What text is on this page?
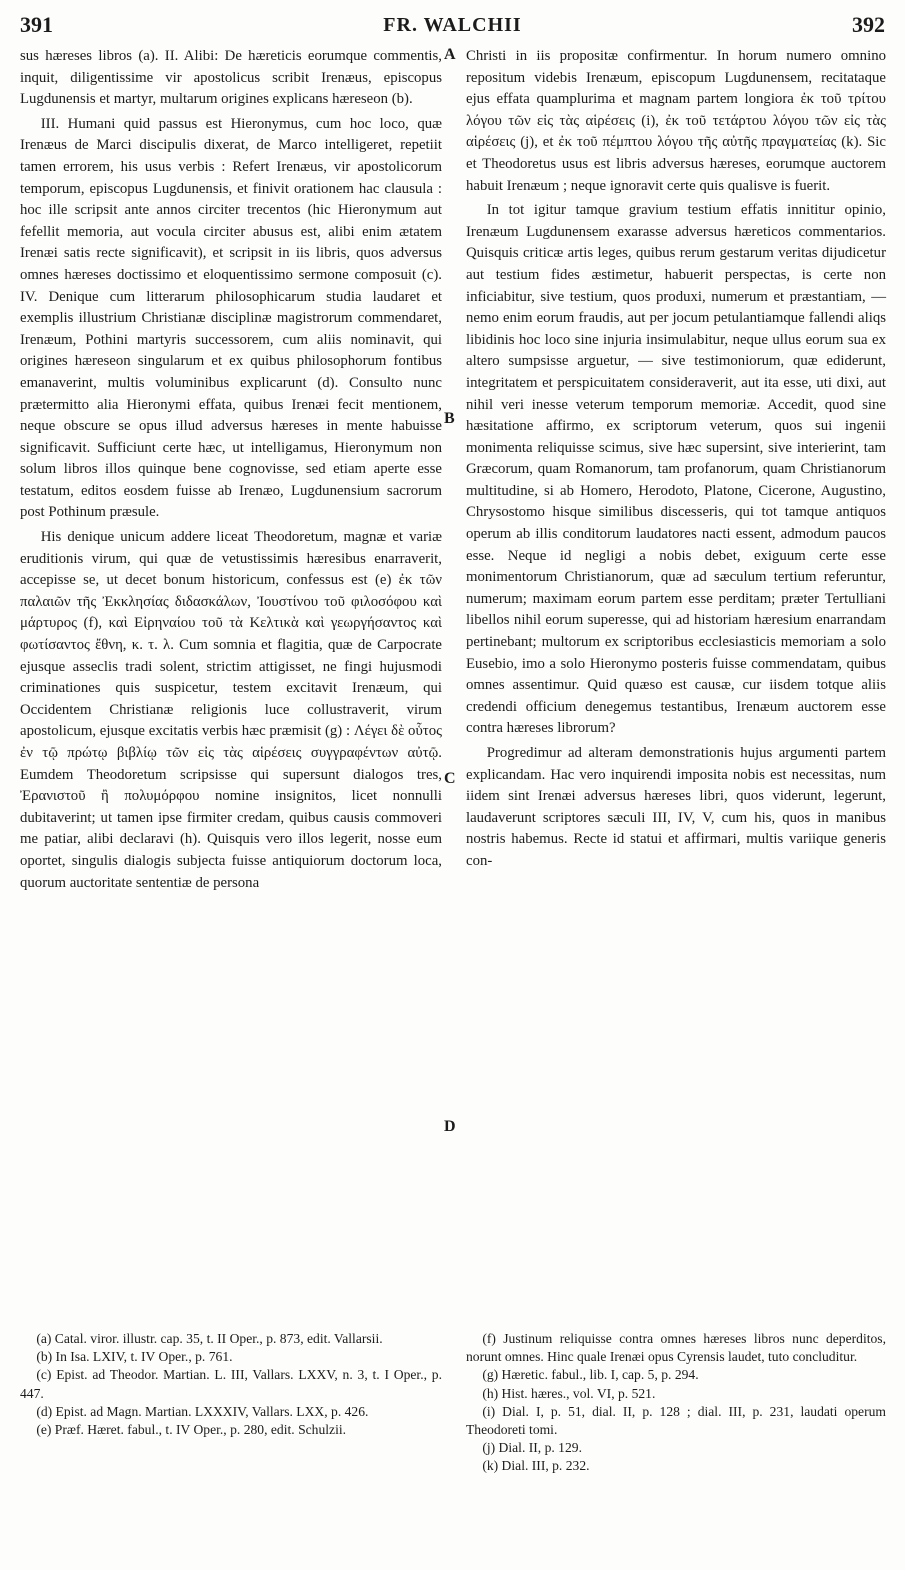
391	FR. WALCHII	392

sus hæreses libros (a). II. Alibi: De hæreticis eorumque commentis, inquit, diligentissime vir apostolicus scribit Irenæus, episcopus Lugdunensis et martyr, multarum origines explicans hæreseon (b).

III. Humani quid passus est Hieronymus, cum hoc loco, quæ Irenæus de Marci discipulis dixerat, de Marco intelligeret, repetiit tamen errorem, his usus verbis : Refert Irenæus, vir apostolicorum temporum, episcopus Lugdunensis, et finivit orationem hac clausula : hoc ille scripsit ante annos circiter trecentos (hic Hieronymum aut fefellit memoria, aut vocula circiter abusus est, alibi enim ætatem Irenæi satis recte significavit), et scripsit in iis libris, quos adversus omnes hæreses doctissimo et eloquentissimo sermone composuit (c). IV. Denique cum litterarum philosophicarum studia laudaret et exemplis illustrium Christianæ disciplinæ magistrorum commendaret, Irenæum, Pothini martyris successorem, cum aliis nominavit, qui origines hæreseon singularum et ex quibus philosophorum fontibus emanaverint, multis voluminibus explicarunt (d). Consulto nunc prætermitto alia Hieronymi effata, quibus Irenæi fecit mentionem, neque obscure se opus illud adversus hæreses in mente habuisse significavit. Sufficiunt certe hæc, ut intelligamus, Hieronymum non solum libros illos quinque bene cognovisse, sed etiam aperte esse testatum, editos eosdem fuisse ab Irenæo, Lugdunensium sacrorum post Pothinum præsule.

His denique unicum addere liceat Theodoretum, magnæ et variæ eruditionis virum, qui quæ de vetustissimis hæresibus enarraverit, accepisse se, ut decet bonum historicum, confessus est (e) ἐκ τῶν παλαιῶν τῆς Ἐκκλησίας διδασκάλων, Ἰουστίνου τοῦ φιλοσόφου καὶ μάρτυρος (f), καὶ Εἰρηναίου τοῦ τὰ Κελτικὰ καὶ γεωργήσαντος καὶ φωτίσαντος ἔθνη, κ. τ. λ. Cum somnia et flagitia, quæ de Carpocrate ejusque asseclis tradi solent, strictim attigisset, ne fingi hujusmodi criminationes quis suspicetur, testem excitavit Irenæum, qui Occidentem Christianæ religionis luce collustraverit, virum apostolicum, ejusque excitatis verbis hæc præmisit (g) : Λέγει δὲ οὗτος ἐν τῷ πρώτῳ βιβλίῳ τῶν εἰς τὰς αἱρέσεις συγγραφέντων αὐτῷ. Eumdem Theodoretum scripsisse qui supersunt dialogos tres, Ἐρανιστοῦ ἢ πολυμόρφου nomine insignitos, licet nonnulli dubitaverint; ut tamen ipse firmiter credam, quibus causis commoveri me patiar, alibi declaravi (h). Quisquis vero illos legerit, nosse eum oportet, singulis dialogis subjecta fuisse antiquiorum doctorum loca, quorum auctoritate sententiæ de persona

A
B
C
D

Christi in iis propositæ confirmentur. In horum numero omnino repositum videbis Irenæum, episcopum Lugdunensem, recitataque ejus effata quamplurima et magnam partem longiora ἐκ τοῦ τρίτου λόγου τῶν εἰς τὰς αἱρέσεις (i), ἐκ τοῦ τετάρτου λόγου τῶν εἰς τὰς αἱρέσεις (j), et ἐκ τοῦ πέμπτου λόγου τῆς αὐτῆς πραγματείας (k). Sic et Theodoretus usus est libris adversus hæreses, eorumque auctorem habuit Irenæum ; neque ignoravit certe quis qualisve is fuerit.

In tot igitur tamque gravium testium effatis innititur opinio, Irenæum Lugdunensem exarasse adversus hæreticos commentarios. Quisquis criticæ artis leges, quibus rerum gestarum veritas dijudicetur aut testium fides æstimetur, habuerit perspectas, is certe non inficiabitur, sive testium, quos produxi, numerum et præstantiam, — nemo enim eorum fraudis, aut per jocum petulantiamque fallendi aliqs libidinis hoc loco sine injuria insimulabitur, neque ullus eorum sua ex altero sumpsisse arguetur, — sive testimoniorum, quæ ediderunt, integritatem et perspicuitatem consideraverit, aut ita esse, uti dixi, aut nihil veri inesse veterum temporum memoriæ. Accedit, quod sine hæsitatione affirmo, ex scriptorum veterum, quos sui ingenii monimenta reliquisse scimus, sive hæc supersint, sive interierint, tam Græcorum, quam Romanorum, tam profanorum, quam Christianorum multitudine, si ab Homero, Herodoto, Platone, Cicerone, Augustino, Chrysostomo hisque similibus discesseris, qui tot tamque antiquos operum ab illis conditorum laudatores nacti essent, admodum paucos esse. Neque id negligi a nobis debet, exiguum certe esse monimentorum Christianorum, quæ ad sæculum tertium referuntur, numerum; maximam eorum partem esse perditam; præter Tertulliani libellos nihil eorum superesse, qui ad historiam hæresium enarrandam pertinebant; multorum ex scriptoribus ecclesiasticis memoriam a solo Eusebio, imo a solo Hieronymo posteris fuisse commendatam, quibus omnes assentimur. Quid quæso est causæ, cur iisdem totque aliis credendi officium denegemus testantibus, Irenæum auctorem esse contra hæreses librorum?

Progredimur ad alteram demonstrationis hujus argumenti partem explicandam. Hac vero inquirendi imposita nobis est necessitas, num iidem sint Irenæi adversus hæreses libri, quos viderunt, legerunt, laudaverunt scriptores sæculi III, IV, V, cum his, quos in manibus nostris habemus. Recte id statui et affirmari, multis variique generis con-

(a) Catal. viror. illustr. cap. 35, t. II Oper., p. 873, edit. Vallarsii.

(b) In Isa. LXIV, t. IV Oper., p. 761.

(c) Epist. ad Theodor. Martian. L. III, Vallars. LXXV, n. 3, t. I Oper., p. 447.

(d) Epist. ad Magn. Martian. LXXXIV, Vallars. LXX, p. 426.

(e) Præf. Hæret. fabul., t. IV Oper., p. 280, edit. Schulzii.

(f) Justinum reliquisse contra omnes hæreses libros nunc deperditos, norunt omnes. Hinc quale Irenæi opus Cyrensis laudet, tuto concluditur.

(g) Hæretic. fabul., lib. I, cap. 5, p. 294.

(h) Hist. hæres., vol. VI, p. 521.

(i) Dial. I, p. 51, dial. II, p. 128 ; dial. III, p. 231, laudati operum Theodoreti tomi.

(j) Dial. II, p. 129.

(k) Dial. III, p. 232.
